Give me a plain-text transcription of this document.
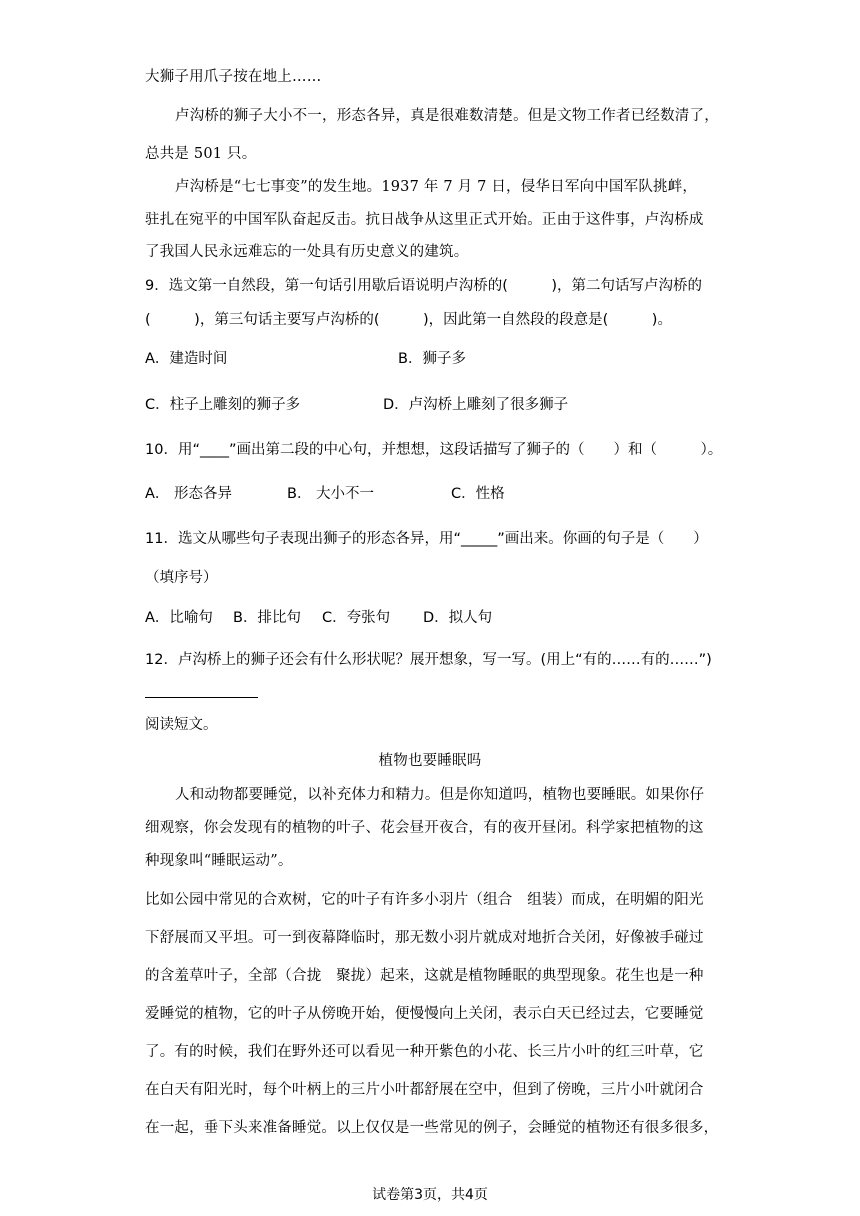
大狮子用爪子按在地上……
卢沟桥的狮子大小不一，形态各异，真是很难数清楚。但是文物工作者已经数清了，
总共是 501 只。
卢沟桥是“七七事变”的发生地。1937 年 7 月 7 日，侵华日军向中国军队挑衅，
驻扎在宛平的中国军队奋起反击。抗日战争从这里正式开始。正由于这件事，卢沟桥成
了我国人民永远难忘的一处具有历史意义的建筑。
9．选文第一自然段，第一句话引用歇后语说明卢沟桥的(　　　)，第二句话写卢沟桥的
(　　　)，第三句话主要写卢沟桥的(　　　)，因此第一自然段的段意是(　　　)。
A．建造时间	B．狮子多
C．柱子上雕刻的狮子多	D．卢沟桥上雕刻了很多狮子
10．用“____”画出第二段的中心句，并想想，这段话描写了狮子的（　　）和（　　　）。
A． 形态各异	B． 大小不一	C．性格
11．选文从哪些句子表现出狮子的形态各异，用“_____”画出来。你画的句子是（　　）
（填序号）
A．比喻句 B．排比句 C．夸张句 D．拟人句
12．卢沟桥上的狮子还会有什么形状呢？展开想象，写一写。(用上“有的……有的……”)
阅读短文。
植物也要睡眠吗
人和动物都要睡觉，以补充体力和精力。但是你知道吗，植物也要睡眠。如果你仔
细观察，你会发现有的植物的叶子、花会昼开夜合，有的夜开昼闭。科学家把植物的这
种现象叫“睡眠运动”。
比如公园中常见的合欢树，它的叶子有许多小羽片（组合　组装）而成，在明媚的阳光
下舒展而又平坦。可一到夜幕降临时，那无数小羽片就成对地折合关闭，好像被手碰过
的含羞草叶子，全部（合拢　聚拢）起来，这就是植物睡眠的典型现象。花生也是一种
爱睡觉的植物，它的叶子从傍晚开始，便慢慢向上关闭，表示白天已经过去，它要睡觉
了。有的时候，我们在野外还可以看见一种开紫色的小花、长三片小叶的红三叶草，它
在白天有阳光时，每个叶柄上的三片小叶都舒展在空中，但到了傍晚，三片小叶就闭合
在一起，垂下头来准备睡觉。以上仅仅是一些常见的例子，会睡觉的植物还有很多很多，
试卷第3页，共4页
